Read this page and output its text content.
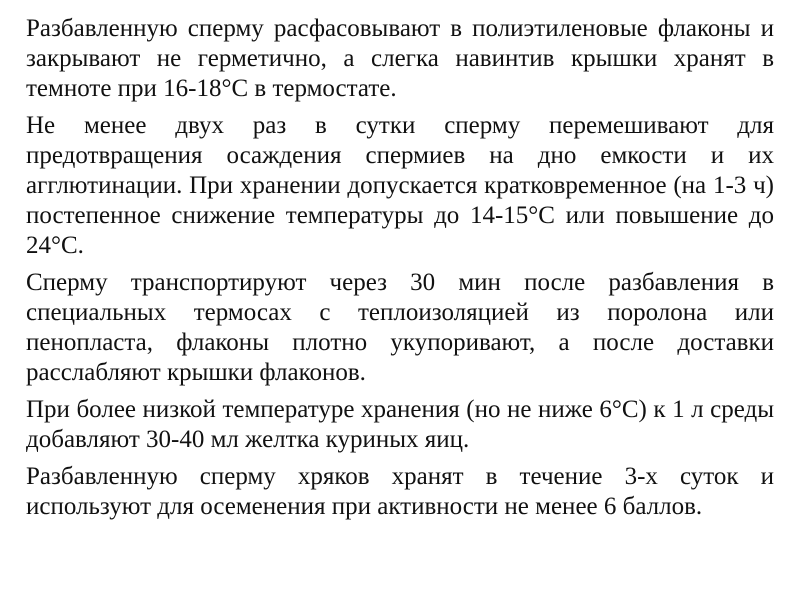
Разбавленную сперму расфасовывают в полиэтиленовые флаконы и закрывают не герметично, а слегка навинтив крышки хранят в темноте при 16-18°С в термостате.

Не менее двух раз в сутки сперму перемешивают для предотвращения осаждения спермиев на дно емкости и их агглютинации. При хранении допускается кратковременное (на 1-3 ч) постепенное снижение температуры до 14-15°С или повышение до 24°С.

Сперму транспортируют через 30 мин после разбавления в специальных термосах с теплоизоляцией из поролона или пенопласта, флаконы плотно укупоривают, а после доставки расслабляют крышки флаконов.

При более низкой температуре хранения (но не ниже 6°С) к 1 л среды добавляют 30-40 мл желтка куриных яиц.

Разбавленную сперму хряков хранят в течение 3-х суток и используют для осеменения при активности не менее 6 баллов.
